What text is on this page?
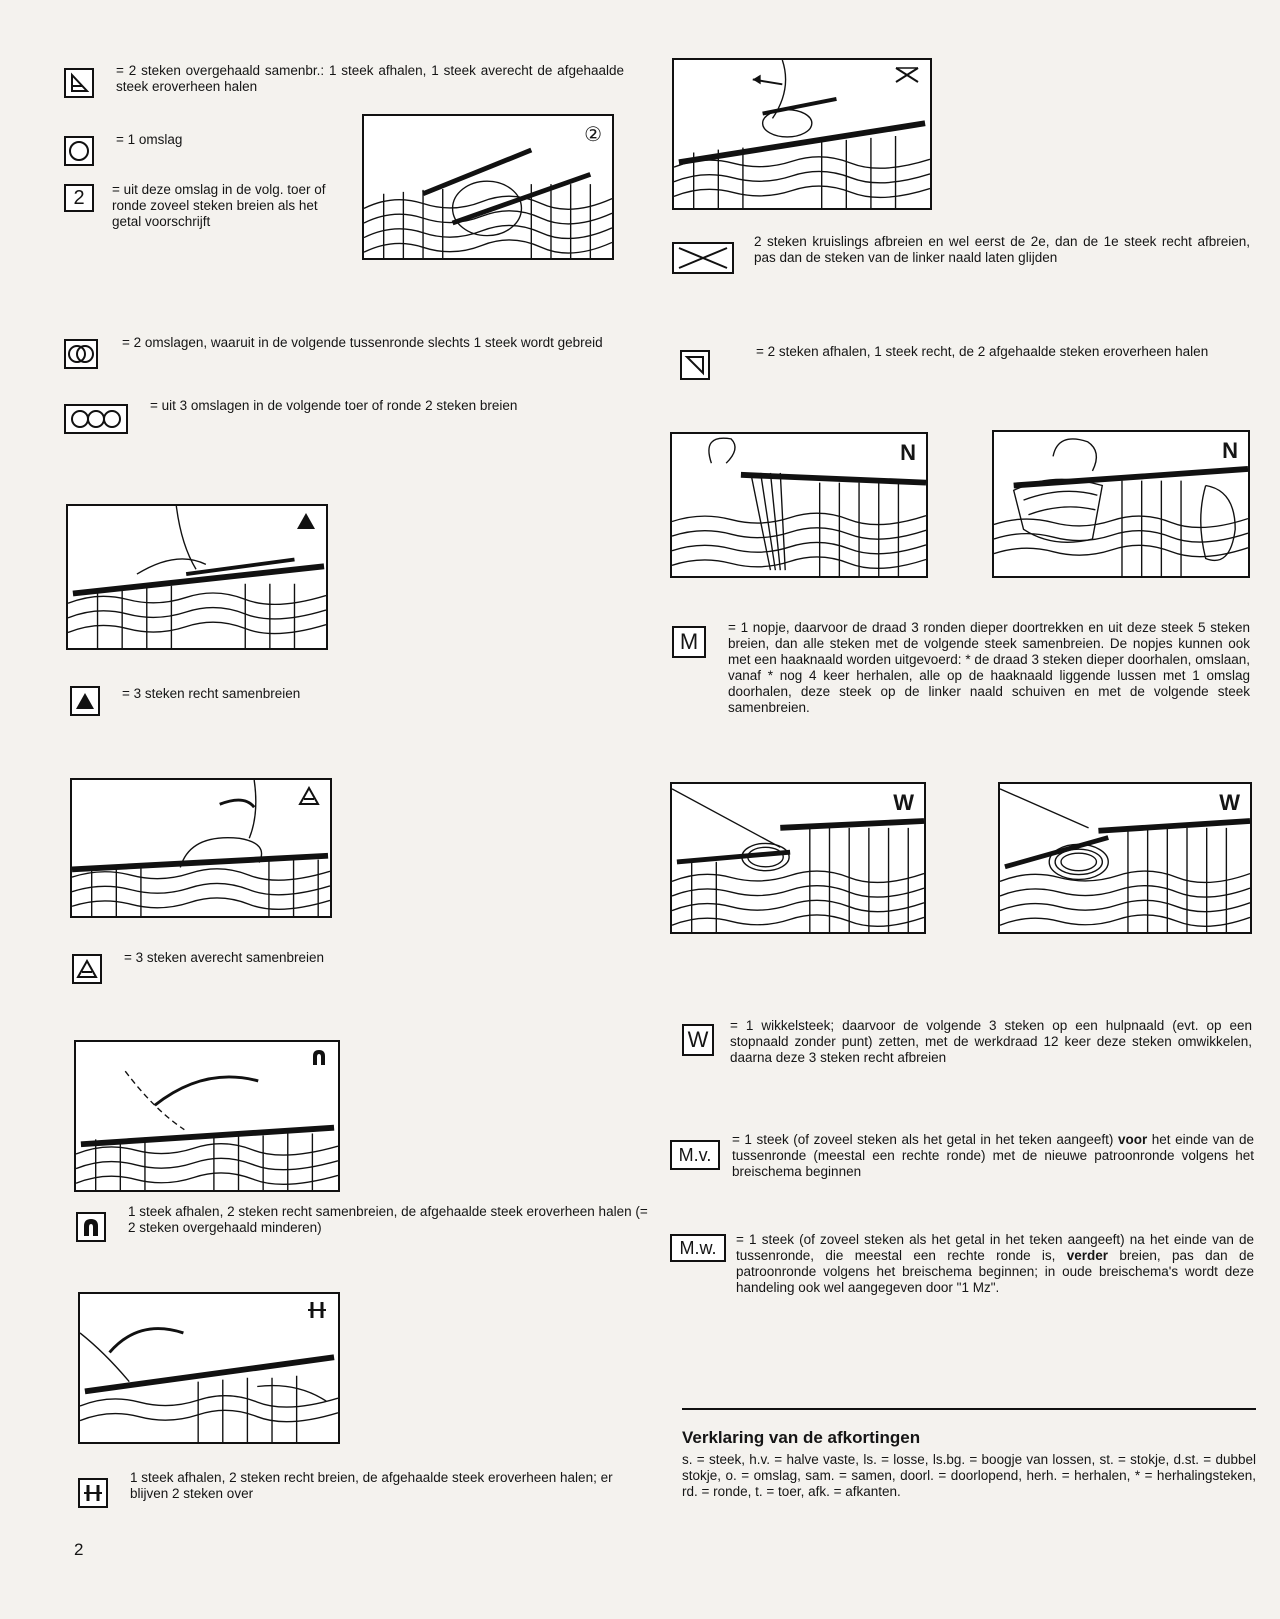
= 2 steken overgehaald samenbr.: 1 steek afhalen, 1 steek averecht de afgehaalde steek eroverheen halen
= 1 omslag
2 = uit deze omslag in de volg. toer of ronde zoveel steken breien als het getal voorschrijft
②
= 2 omslagen, waaruit in de volgende tussenronde slechts 1 steek wordt gebreid
= uit 3 omslagen in de volgende toer of ronde 2 steken breien
= 3 steken recht samenbreien
= 3 steken averecht samenbreien
1 steek afhalen, 2 steken recht samenbreien, de afgehaalde steek eroverheen halen (= 2 steken overgehaald minderen)
1 steek afhalen, 2 steken recht breien, de afgehaalde steek eroverheen halen; er blijven 2 steken over
2
2 steken kruislings afbreien en wel eerst de 2e, dan de 1e steek recht afbreien, pas dan de steken van de linker naald laten glijden
= 2 steken afhalen, 1 steek recht, de 2 afgehaalde steken eroverheen halen
N	N
M
= 1 nopje, daarvoor de draad 3 ronden dieper doortrekken en uit deze steek 5 steken breien, dan alle steken met de volgende steek samenbreien. De nopjes kunnen ook met een haaknaald worden uitgevoerd: * de draad 3 steken dieper doorhalen, omslaan, vanaf * nog 4 keer herhalen, alle op de haaknaald liggende lussen met 1 omslag doorhalen, deze steek op de linker naald schuiven en met de volgende steek samenbreien.
W	W
W
= 1 wikkelsteek; daarvoor de volgende 3 steken op een hulpnaald (evt. op een stopnaald zonder punt) zetten, met de werkdraad 12 keer deze steken omwikkelen, daarna deze 3 steken recht afbreien
M.v.
= 1 steek (of zoveel steken als het getal in het teken aangeeft) voor het einde van de tussenronde (meestal een rechte ronde) met de nieuwe patroonronde volgens het breischema beginnen
M.w. = 1 steek (of zoveel steken als het getal in het teken aangeeft) na het einde van de tussenronde, die meestal een rechte ronde is, verder breien, pas dan de patroonronde volgens het breischema beginnen; in oude breischema's wordt deze handeling ook wel aangegeven door "1 Mz".
Verklaring van de afkortingen
s. = steek, h.v. = halve vaste, ls. = losse, ls.bg. = boogje van lossen, st. = stokje, d.st. = dubbel stokje, o. = omslag, sam. = samen, doorl. = doorlopend, herh. = herhalen, * = herhalingsteken, rd. = ronde, t. = toer, afk. = afkanten.
